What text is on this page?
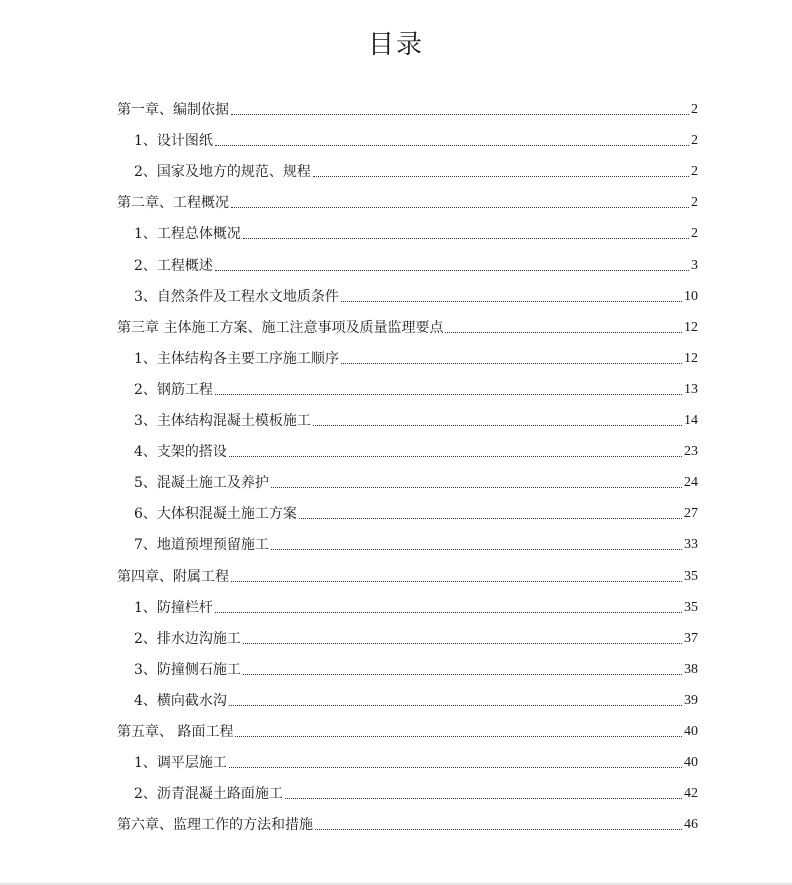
目录
第一章、编制依据	2
1、设计图纸	2
2、国家及地方的规范、规程	2
第二章、工程概况	2
1、工程总体概况	2
2、工程概述	3
3、自然条件及工程水文地质条件	10
第三章 主体施工方案、施工注意事项及质量监理要点	12
1、主体结构各主要工序施工顺序	12
2、钢筋工程	13
3、主体结构混凝土模板施工	14
4、支架的搭设	23
5、混凝土施工及养护	24
6、大体积混凝土施工方案	27
7、地道预埋预留施工	33
第四章、附属工程	35
1、防撞栏杆	35
2、排水边沟施工	37
3、防撞侧石施工	38
4、横向截水沟	39
第五章、 路面工程	40
1、调平层施工	40
2、沥青混凝土路面施工	42
第六章、监理工作的方法和措施	46
